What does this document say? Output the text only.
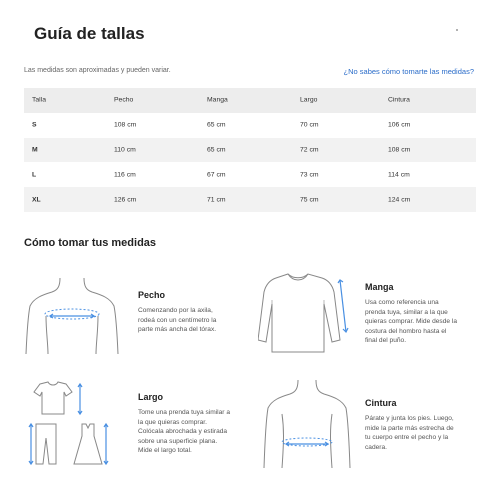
Guía de tallas
Las medidas son aproximadas y pueden variar.	¿No sabes cómo tomarte las medidas?
Talla	Pecho	Manga	Largo	Cintura
S	108 cm	65 cm	70 cm	106 cm
M	110 cm	65 cm	72 cm	108 cm
L	116 cm	67 cm	73 cm	114 cm
XL	126 cm	71 cm	75 cm	124 cm
Cómo tomar tus medidas
Pecho

Comenzando por la axila,
rodeá con un centímetro la
parte más ancha del tórax.

Manga

Usa como referencia una
prenda tuya, similar a la que
quieras comprar. Mide desde la
costura del hombro hasta el
final del puño.

Largo

Tome una prenda tuya similar a
la que quieras comprar.
Colócala abrochada y estirada
sobre una superficie plana.
Mide el largo total.

Cintura

Párate y junta los pies. Luego,
mide la parte más estrecha de
tu cuerpo entre el pecho y la
cadera.
